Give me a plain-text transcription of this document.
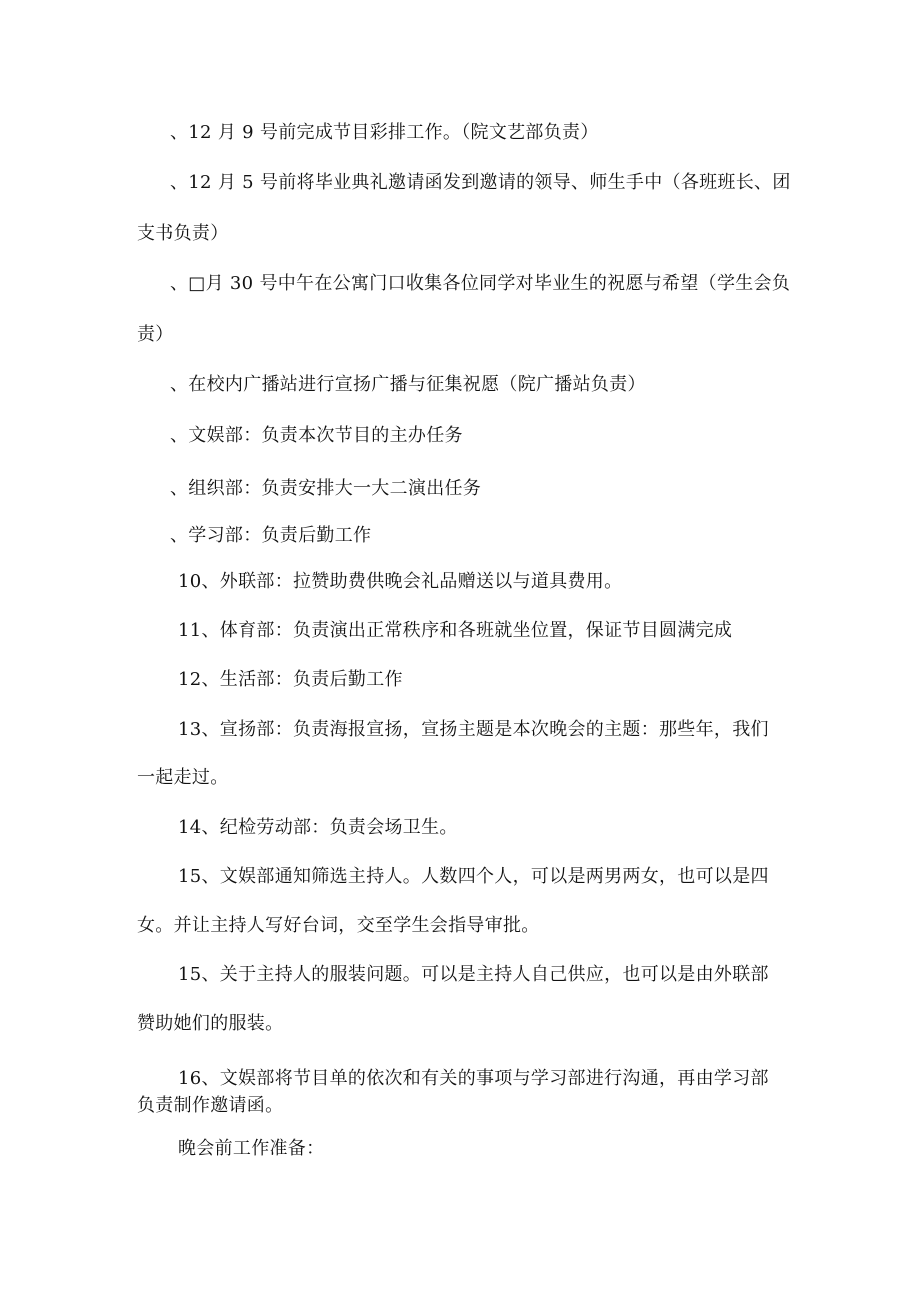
、12 月 9 号前完成节目彩排工作。（院文艺部负责）
、12 月 5 号前将毕业典礼邀请函发到邀请的领导、师生手中（各班班长、团
支书负责）
、□月 30 号中午在公寓门口收集各位同学对毕业生的祝愿与希望（学生会负
责）
、在校内广播站进行宣扬广播与征集祝愿（院广播站负责）
、文娱部：负责本次节目的主办任务
、组织部：负责安排大一大二演出任务
、学习部：负责后勤工作
10、外联部：拉赞助费供晚会礼品赠送以与道具费用。
11、体育部：负责演出正常秩序和各班就坐位置，保证节目圆满完成
12、生活部：负责后勤工作
13、宣扬部：负责海报宣扬，宣扬主题是本次晚会的主题：那些年，我们
一起走过。
14、纪检劳动部：负责会场卫生。
15、文娱部通知筛选主持人。人数四个人，可以是两男两女，也可以是四
女。并让主持人写好台词，交至学生会指导审批。
15、关于主持人的服装问题。可以是主持人自己供应，也可以是由外联部
赞助她们的服装。
16、文娱部将节目单的依次和有关的事项与学习部进行沟通，再由学习部
负责制作邀请函。
晚会前工作准备：
